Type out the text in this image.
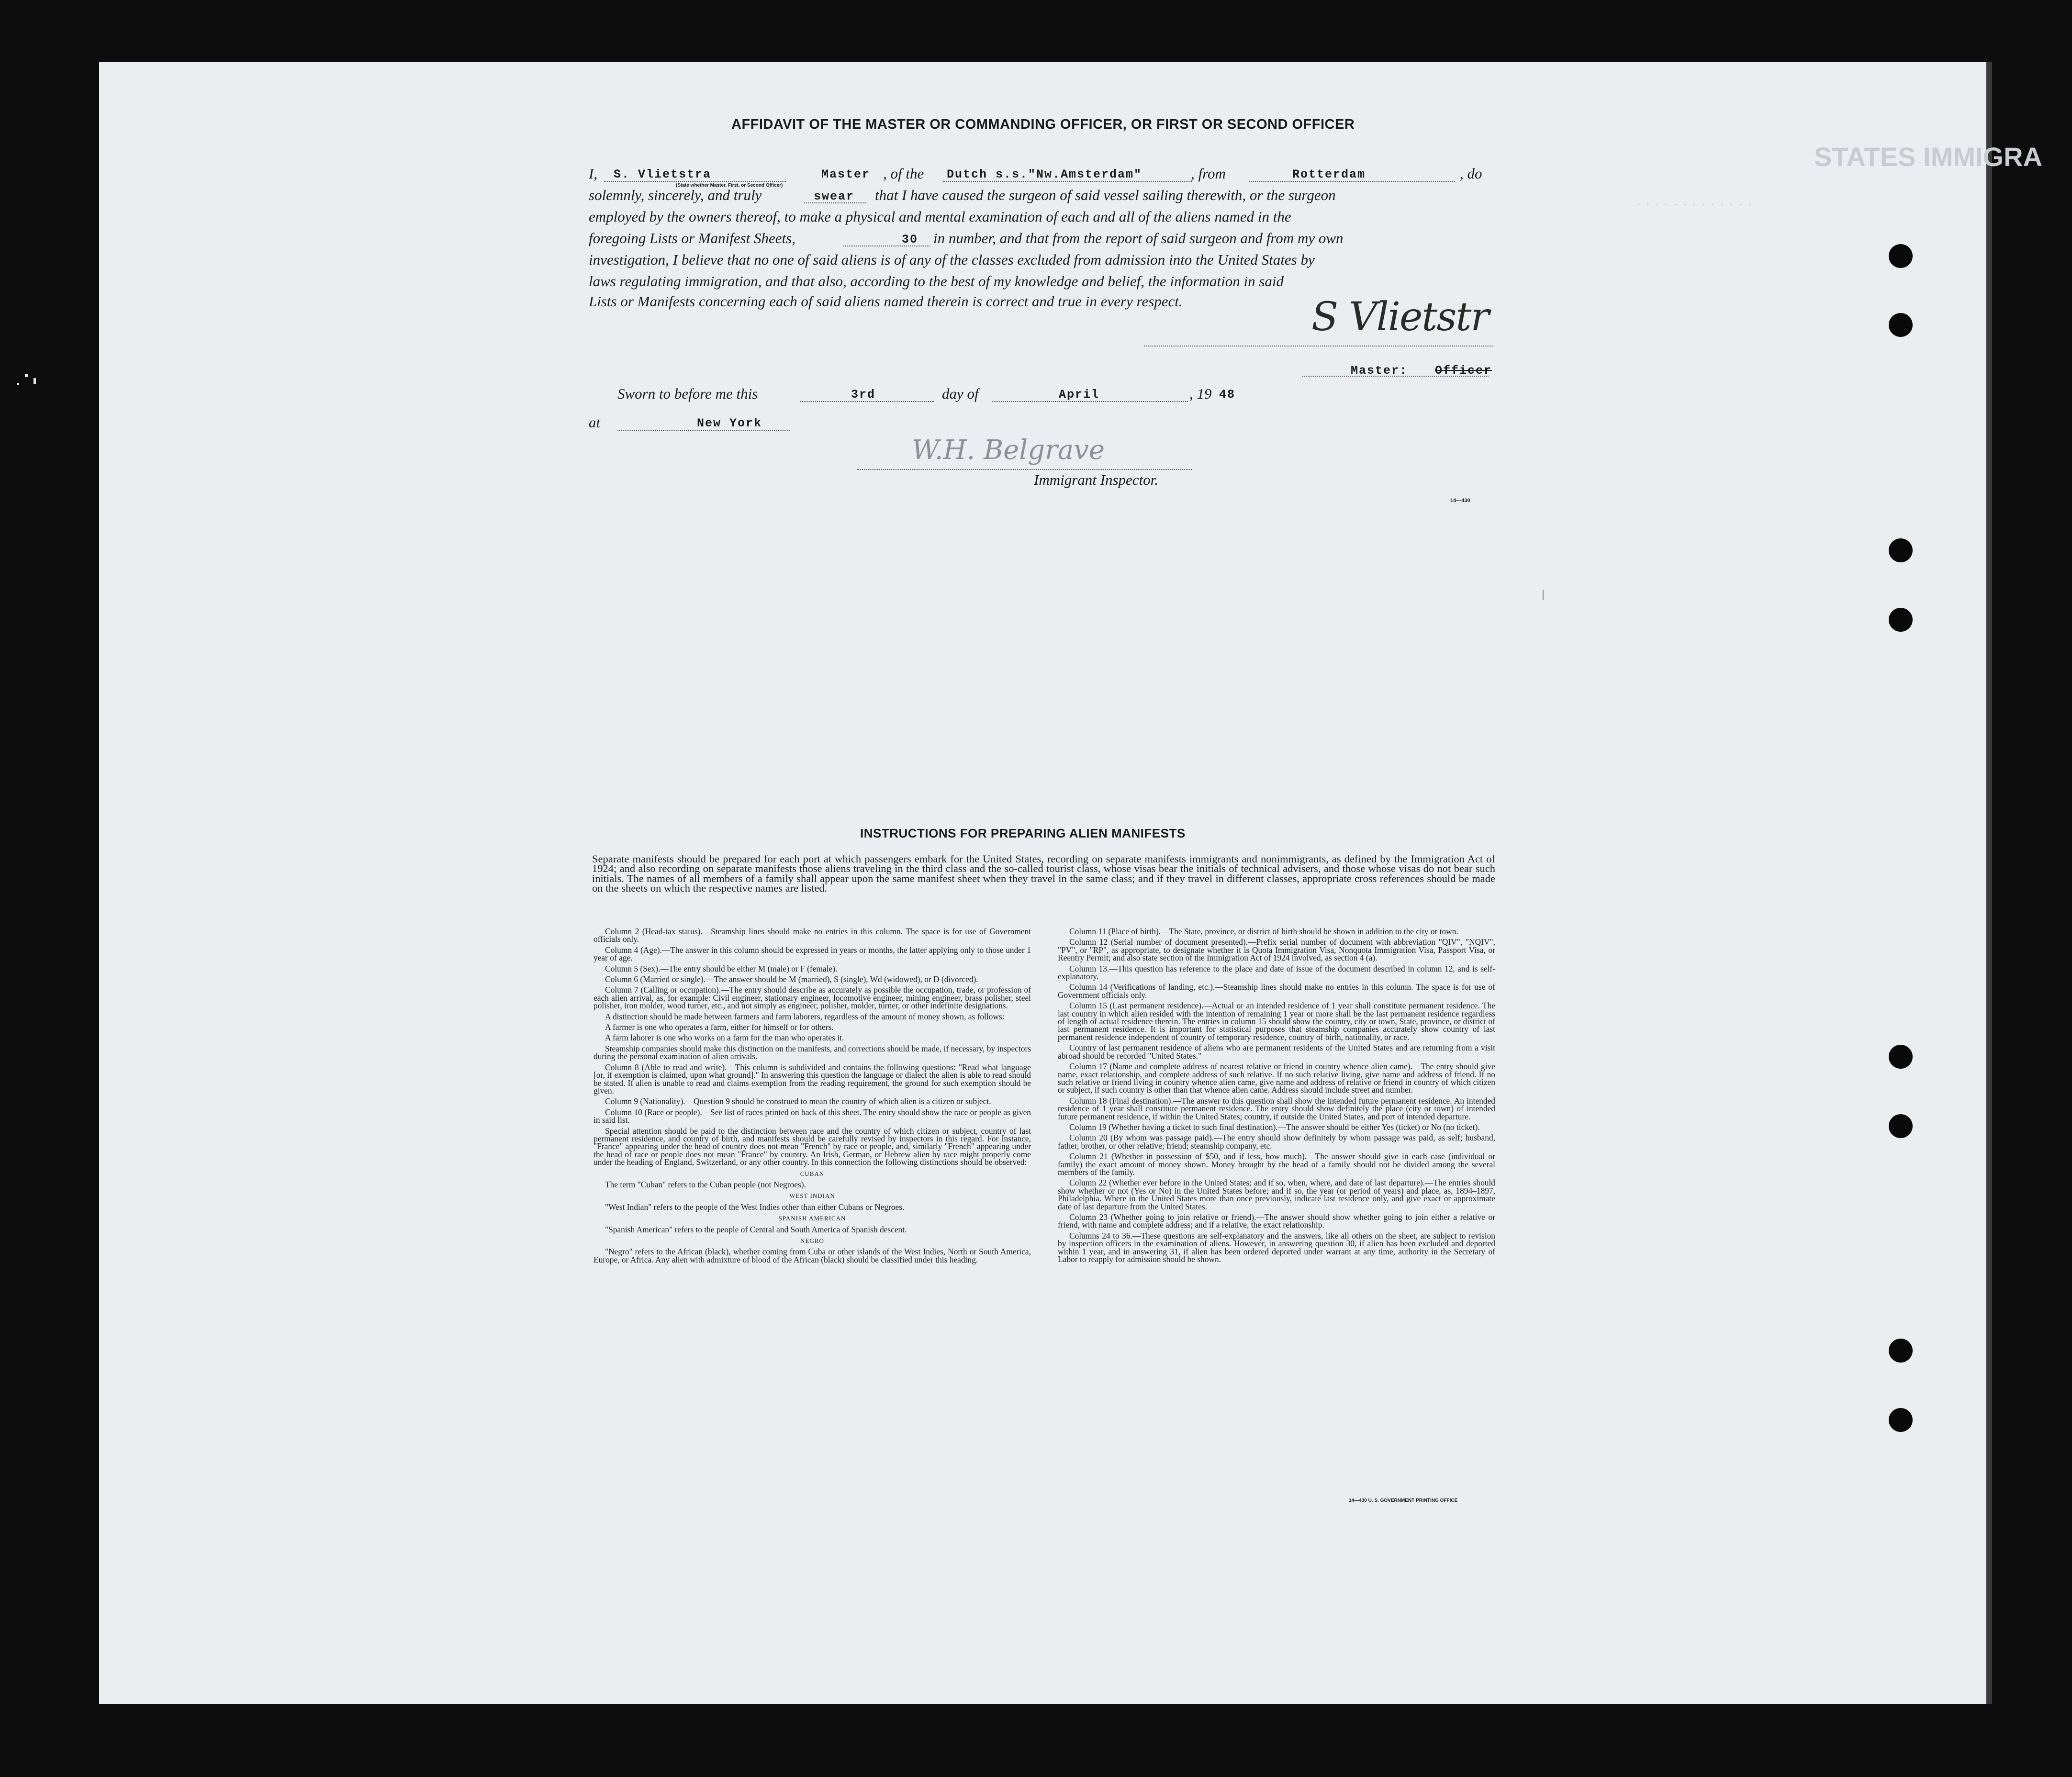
STATES IMMIGRA
· · · · · · · · · · · · ·
AFFIDAVIT OF THE MASTER OR COMMANDING OFFICER, OR FIRST OR SECOND OFFICER
I, S. Vlietstra	Master
(State whether Master, First, or Second Officer)
, of the Dutch s.s."Nw.Amsterdam"	, from	Rotterdam	, do
solemnly, sincerely, and truly	swear that I have caused the surgeon of said vessel sailing therewith, or the surgeon
employed by the owners thereof, to make a physical and mental examination of each and all of the aliens named in the
foregoing Lists or Manifest Sheets,	30 in number, and that from the report of said surgeon and from my own
investigation, I believe that no one of said aliens is of any of the classes excluded from admission into the United States by
laws regulating immigration, and that also, according to the best of my knowledge and belief, the information in said
Lists or Manifests concerning each of said aliens named therein is correct and true in every respect.	S Vlietstr
Master: Officer
Sworn to before me this	3rd	day of	April	, 19 48
at	New York
W.H. Belgrave
Immigrant Inspector.
14—430
INSTRUCTIONS FOR PREPARING ALIEN MANIFESTS
Separate manifests should be prepared for each port at which passengers embark for the United States, recording on separate manifests immigrants and nonimmigrants, as defined by the Immigration Act of 1924; and also recording on separate manifests those aliens traveling in the third class and the so-called tourist class, whose visas bear the initials of technical advisers, and those whose visas do not bear such initials. The names of all members of a family shall appear upon the same manifest sheet when they travel in the same class; and if they travel in different classes, appropriate cross references should be made on the sheets on which the respective names are listed.

Column 2 (Head-tax status).—Steamship lines should make no entries in this column. The space is for use of Government officials only.

Column 4 (Age).—The answer in this column should be expressed in years or months, the latter applying only to those under 1 year of age.

Column 5 (Sex).—The entry should be either M (male) or F (female).

Column 6 (Married or single).—The answer should be M (married), S (single), Wd (widowed), or D (divorced).

Column 7 (Calling or occupation).—The entry should describe as accurately as possible the occupation, trade, or profession of each alien arrival, as, for example: Civil engineer, stationary engineer, locomotive engineer, mining engineer, brass polisher, steel polisher, iron molder, wood turner, etc., and not simply as engineer, polisher, molder, turner, or other indefinite designations.

A distinction should be made between farmers and farm laborers, regardless of the amount of money shown, as follows:

A farmer is one who operates a farm, either for himself or for others.

A farm laborer is one who works on a farm for the man who operates it.

Steamship companies should make this distinction on the manifests, and corrections should be made, if necessary, by inspectors during the personal examination of alien arrivals.

Column 8 (Able to read and write).—This column is subdivided and contains the following questions: "Read what language [or, if exemption is claimed, upon what ground]." In answering this question the language or dialect the alien is able to read should be stated. If alien is unable to read and claims exemption from the reading requirement, the ground for such exemption should be given.

Column 9 (Nationality).—Question 9 should be construed to mean the country of which alien is a citizen or subject.

Column 10 (Race or people).—See list of races printed on back of this sheet. The entry should show the race or people as given in said list.

Special attention should be paid to the distinction between race and the country of which citizen or subject, country of last permanent residence, and country of birth, and manifests should be carefully revised by inspectors in this regard. For instance, "France" appearing under the head of country does not mean "French" by race or people, and, similarly "French" appearing under the head of race or people does not mean "France" by country. An Irish, German, or Hebrew alien by race might properly come under the heading of England, Switzerland, or any other country. In this connection the following distinctions should be observed:

CUBAN

The term "Cuban" refers to the Cuban people (not Negroes).

WEST INDIAN

"West Indian" refers to the people of the West Indies other than either Cubans or Negroes.

SPANISH AMERICAN

"Spanish American" refers to the people of Central and South America of Spanish descent.

NEGRO

"Negro" refers to the African (black), whether coming from Cuba or other islands of the West Indies, North or South America, Europe, or Africa. Any alien with admixture of blood of the African (black) should be classified under this heading.

Column 11 (Place of birth).—The State, province, or district of birth should be shown in addition to the city or town.

Column 12 (Serial number of document presented).—Prefix serial number of document with abbreviation "QIV", "NQIV", "PV", or "RP", as appropriate, to designate whether it is Quota Immigration Visa, Nonquota Immigration Visa, Passport Visa, or Reentry Permit; and also state section of the Immigration Act of 1924 involved, as section 4 (a).

Column 13.—This question has reference to the place and date of issue of the document described in column 12, and is self-explanatory.

Column 14 (Verifications of landing, etc.).—Steamship lines should make no entries in this column. The space is for use of Government officials only.

Column 15 (Last permanent residence).—Actual or an intended residence of 1 year shall constitute permanent residence. The last country in which alien resided with the intention of remaining 1 year or more shall be the last permanent residence regardless of length of actual residence therein. The entries in column 15 should show the country, city or town, State, province, or district of last permanent residence. It is important for statistical purposes that steamship companies accurately show country of last permanent residence independent of country of temporary residence, country of birth, nationality, or race.

Country of last permanent residence of aliens who are permanent residents of the United States and are returning from a visit abroad should be recorded "United States."

Column 17 (Name and complete address of nearest relative or friend in country whence alien came).—The entry should give name, exact relationship, and complete address of such relative. If no such relative living, give name and address of friend. If no such relative or friend living in country whence alien came, give name and address of relative or friend in country of which citizen or subject, if such country is other than that whence alien came. Address should include street and number.

Column 18 (Final destination).—The answer to this question shall show the intended future permanent residence. An intended residence of 1 year shall constitute permanent residence. The entry should show definitely the place (city or town) of intended future permanent residence, if within the United States; country, if outside the United States, and port of intended departure.

Column 19 (Whether having a ticket to such final destination).—The answer should be either Yes (ticket) or No (no ticket).

Column 20 (By whom was passage paid).—The entry should show definitely by whom passage was paid, as self; husband, father, brother, or other relative; friend; steamship company, etc.

Column 21 (Whether in possession of $50, and if less, how much).—The answer should give in each case (individual or family) the exact amount of money shown. Money brought by the head of a family should not be divided among the several members of the family.

Column 22 (Whether ever before in the United States; and if so, when, where, and date of last departure).—The entries should show whether or not (Yes or No) in the United States before; and if so, the year (or period of years) and place, as, 1894–1897, Philadelphia. Where in the United States more than once previously, indicate last residence only, and give exact or approximate date of last departure from the United States.

Column 23 (Whether going to join relative or friend).—The answer should show whether going to join either a relative or friend, with name and complete address; and if a relative, the exact relationship.

Columns 24 to 36.—These questions are self-explanatory and the answers, like all others on the sheet, are subject to revision by inspection officers in the examination of aliens. However, in answering question 30, if alien has been excluded and deported within 1 year, and in answering 31, if alien has been ordered deported under warrant at any time, authority in the Secretary of Labor to reapply for admission should be shown.

14—430 U. S. GOVERNMENT PRINTING OFFICE
